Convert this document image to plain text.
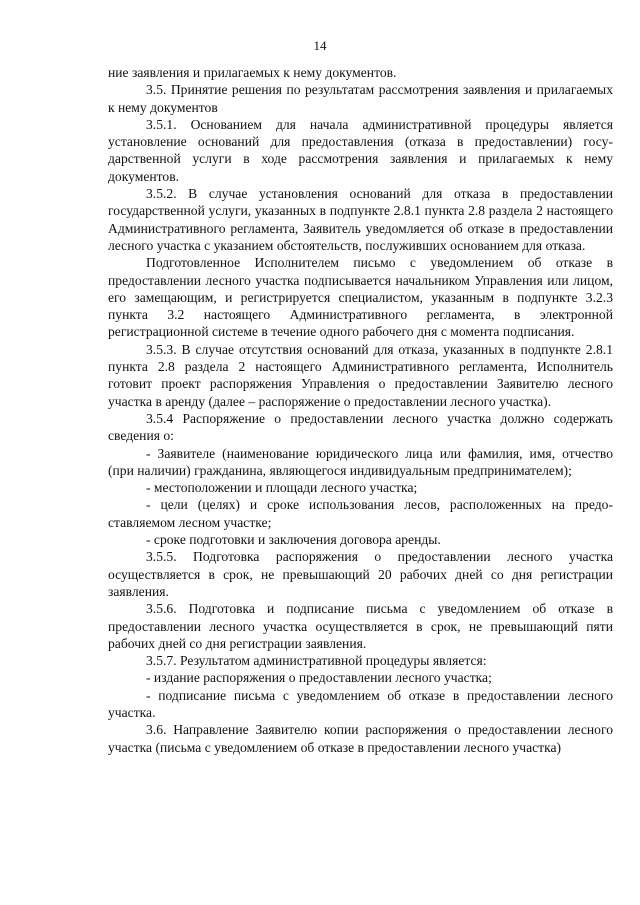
14

ние заявления и прилагаемых к нему документов.

3.5. Принятие решения по результатам рассмотрения заявления и прилагаемых к нему документов

3.5.1. Основанием для начала административной процедуры является установление оснований для предоставления (отказа в предоставлении) государственной услуги в ходе рассмотрения заявления и прилагаемых к нему документов.

3.5.2. В случае установления оснований для отказа в предоставлении государственной услуги, указанных в подпункте 2.8.1 пункта 2.8 раздела 2 настоящего Административного регламента, Заявитель уведомляется об отказе в предоставлении лесного участка с указанием обстоятельств, послуживших основанием для отказа.

Подготовленное Исполнителем письмо с уведомлением об отказе в предоставлении лесного участка подписывается начальником Управления или лицом, его замещающим, и регистрируется специалистом, указанным в подпункте 3.2.3 пункта 3.2 настоящего Административного регламента, в электронной регистрационной системе в течение одного рабочего дня с момента подписания.

3.5.3. В случае отсутствия оснований для отказа, указанных в подпункте 2.8.1 пункта 2.8 раздела 2 настоящего Административного регламента, Исполнитель готовит проект распоряжения Управления о предоставлении Заявителю лесного участка в аренду (далее – распоряжение о предоставлении лесного участка).

3.5.4 Распоряжение о предоставлении лесного участка должно содержать сведения о:

- Заявителе (наименование юридического лица или фамилия, имя, отчество (при наличии) гражданина, являющегося индивидуальным предпринимателем);

- местоположении и площади лесного участка;

- цели (целях) и сроке использования лесов, расположенных на предоставляемом лесном участке;

- сроке подготовки и заключения договора аренды.

3.5.5. Подготовка распоряжения о предоставлении лесного участка осуществляется в срок, не превышающий 20 рабочих дней со дня регистрации заявления.

3.5.6. Подготовка и подписание письма с уведомлением об отказе в предоставлении лесного участка осуществляется в срок, не превышающий пяти рабочих дней со дня регистрации заявления.

3.5.7. Результатом административной процедуры является:

- издание распоряжения о предоставлении лесного участка;

- подписание письма с уведомлением об отказе в предоставлении лесного участка.

3.6. Направление Заявителю копии распоряжения о предоставлении лесного участка (письма с уведомлением об отказе в предоставлении лесного участка)
